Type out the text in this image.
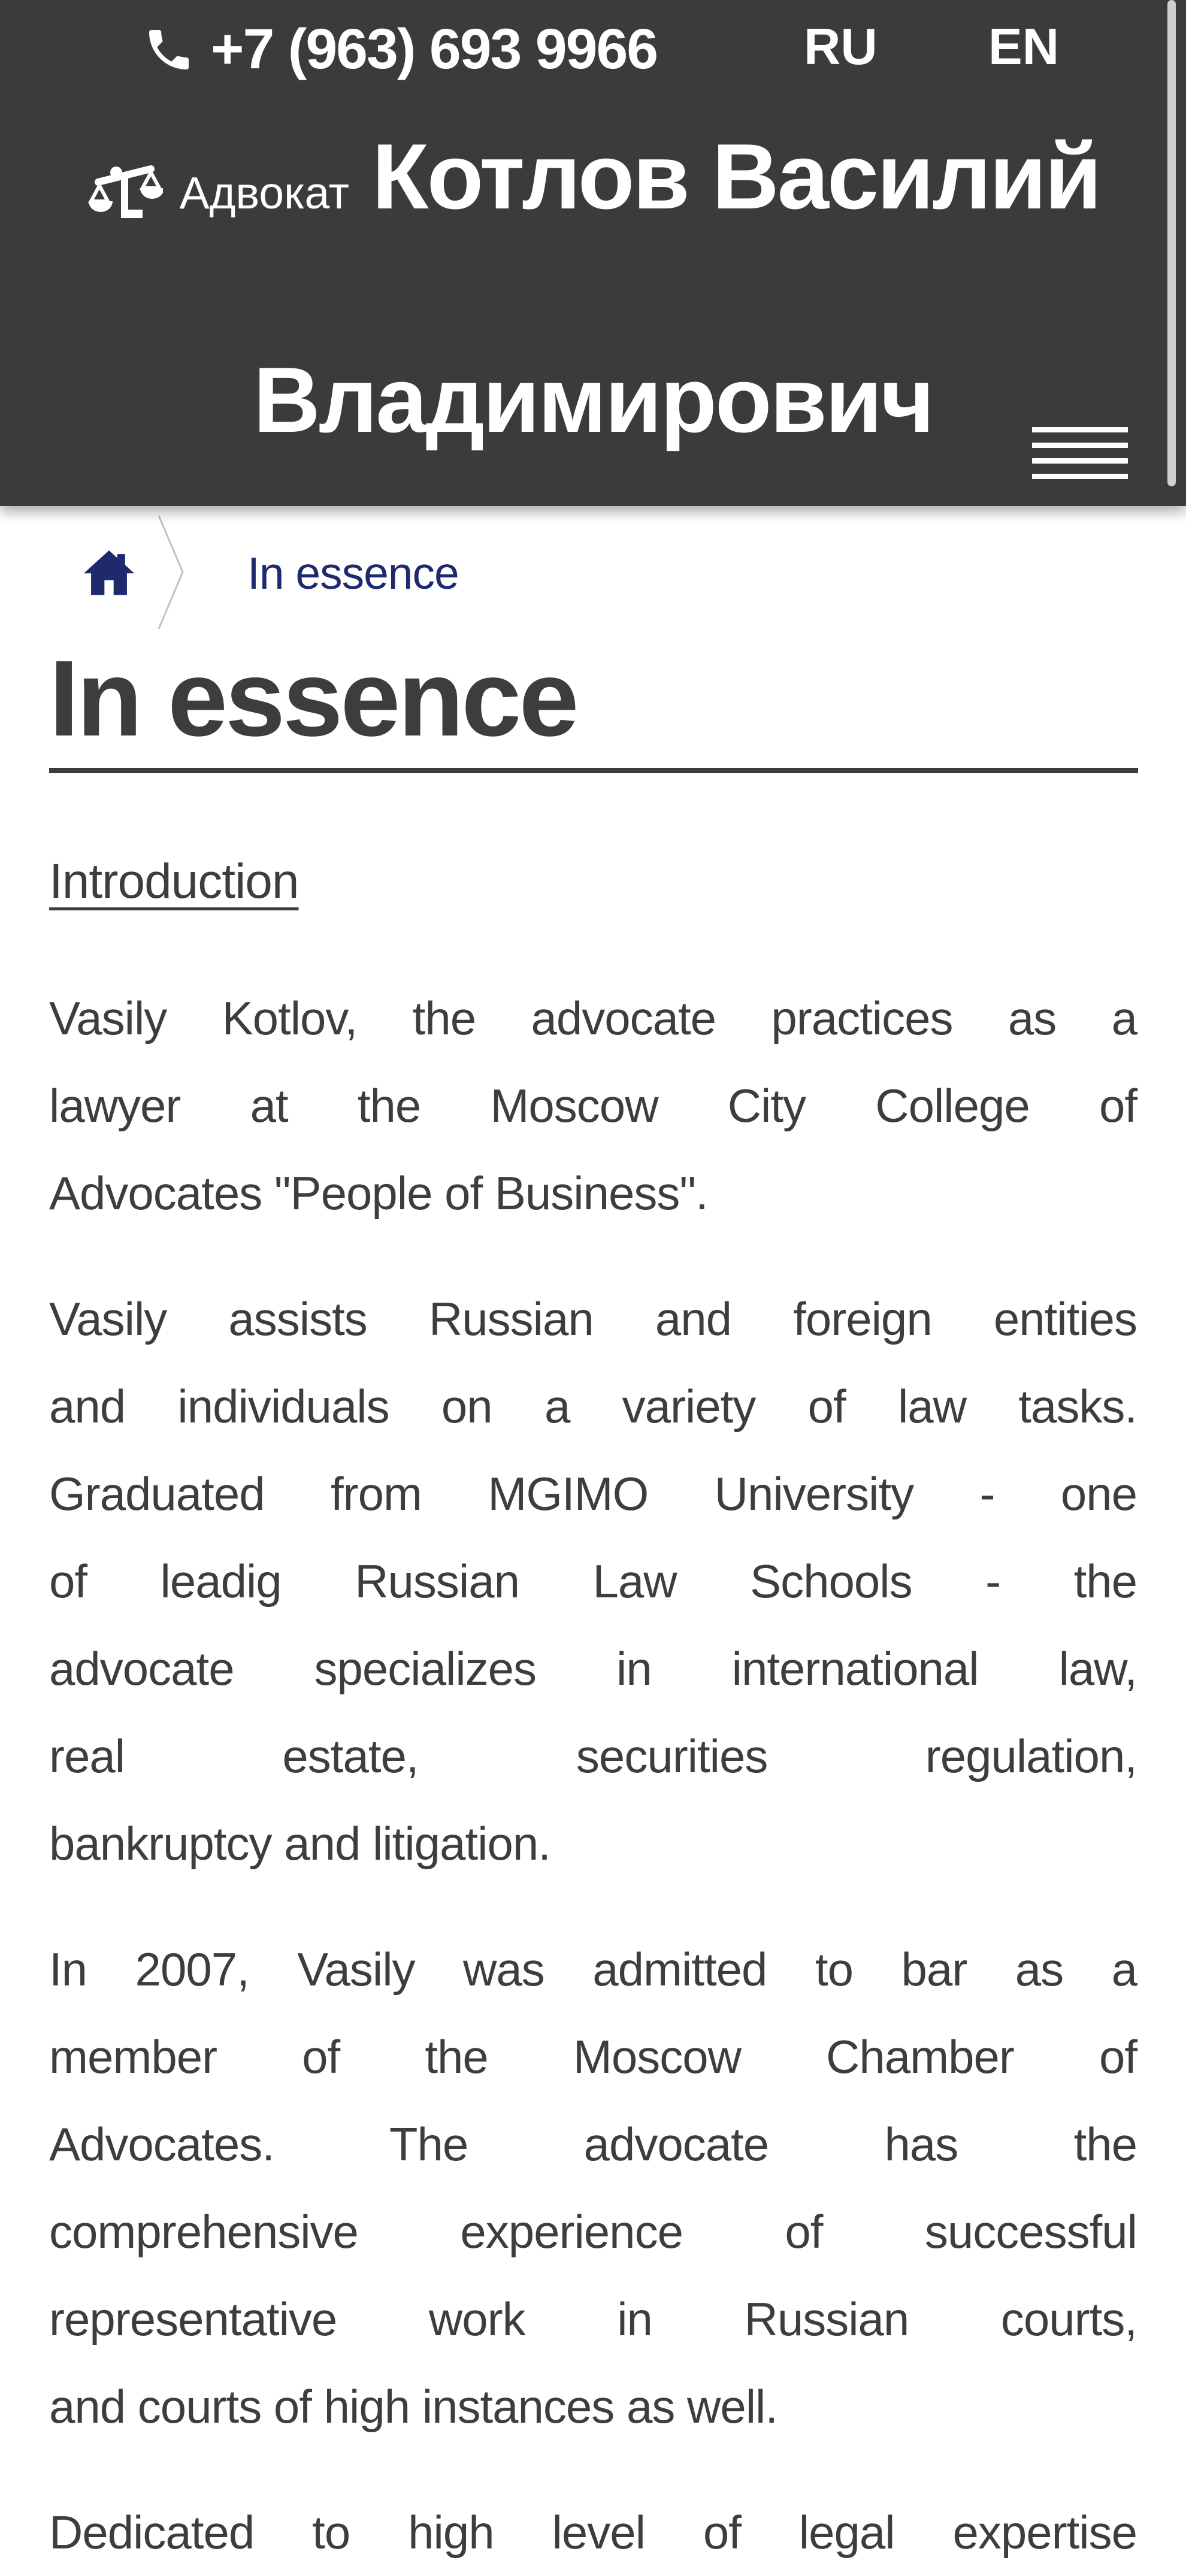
+7 (963) 693 9966	RU EN
Адвокат Котлов Василий Владимирович
In essence
In essence
Introduction

Vasily Kotlov, the advocate practices as a
lawyer at the Moscow City College of
Advocates "People of Business".

Vasily assists Russian and foreign entities
and individuals on a variety of law tasks.
Graduated from MGIMO University - one
of leadig Russian Law Schools - the
advocate specializes in international law,
real estate, securities regulation,
bankruptcy and litigation.

In 2007, Vasily was admitted to bar as a
member of the Moscow Chamber of
Advocates. The advocate has the
comprehensive experience of successful
representative work in Russian courts,
and courts of high instances as well.

Dedicated to high level of legal expertise
